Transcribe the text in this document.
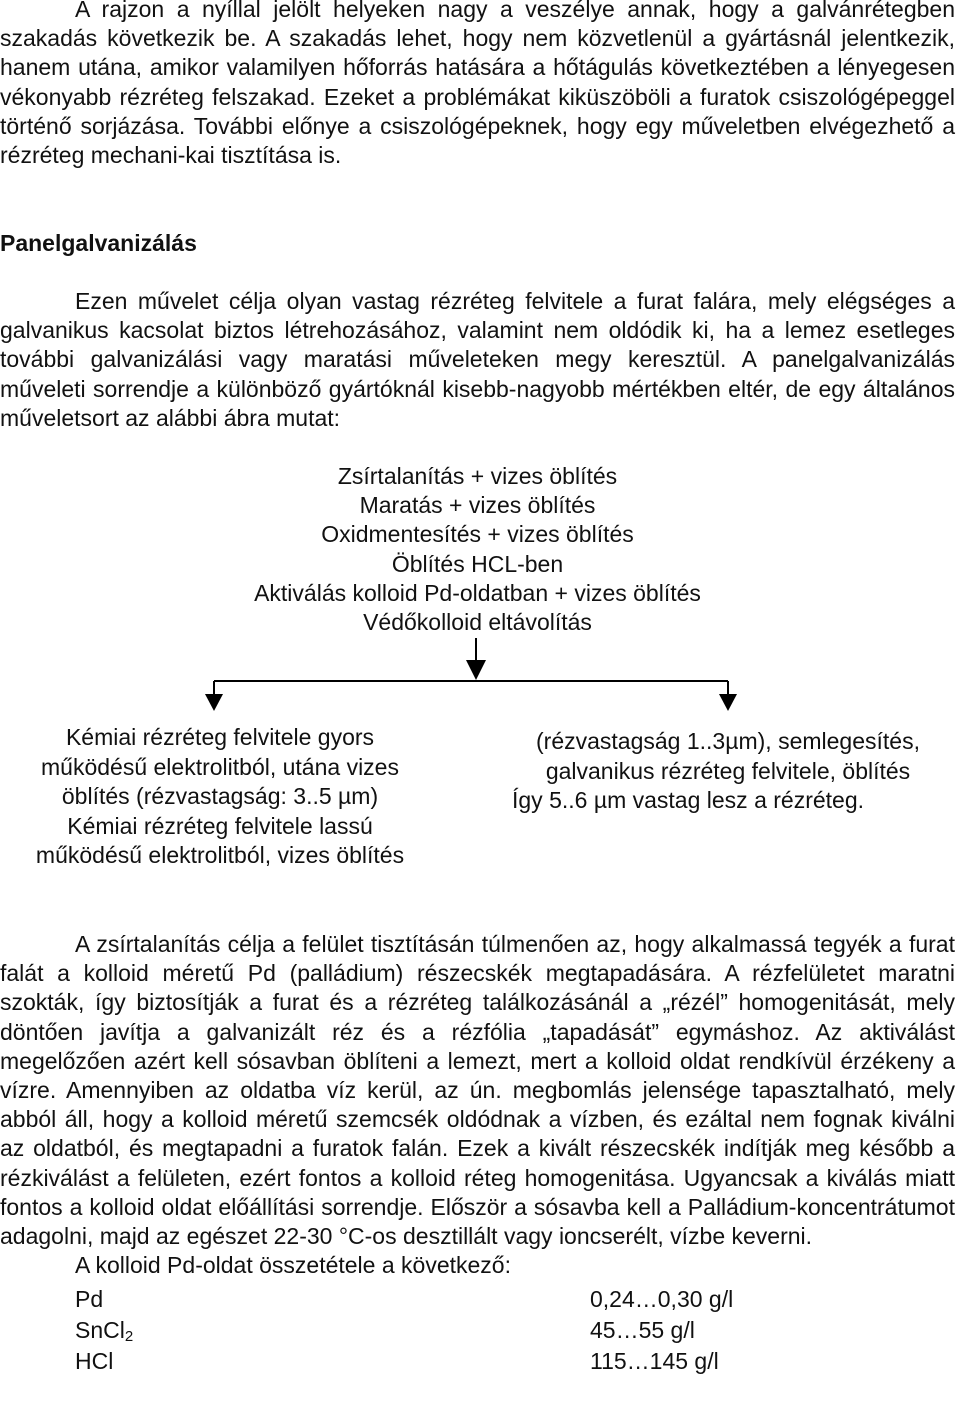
A rajzon a nyíllal jelölt helyeken nagy a veszélye annak, hogy a galvánrétegben szakadás következik be. A szakadás lehet, hogy nem közvetlenül a gyártásnál jelentkezik, hanem utána, amikor valamilyen hőforrás hatására a hőtágulás következtében a lényegesen vékonyabb rézréteg felszakad. Ezeket a problémákat kiküszöböli a furatok csiszológépeggel történő sorjázása. További előnye a csiszológépeknek, hogy egy műveletben elvégezhető a rézréteg mechani-kai tisztítása is.

Panelgalvanizálás

Ezen művelet célja olyan vastag rézréteg felvitele a furat falára, mely elégséges a galvanikus kacsolat biztos létrehozásához, valamint nem oldódik ki, ha a lemez esetleges további galvanizálási vagy maratási műveleteken megy keresztül. A panelgalvanizálás műveleti sorrendje a különböző gyártóknál kisebb-nagyobb mértékben eltér, de egy általános műveletsort az alábbi ábra mutat:

Zsírtalanítás + vizes öblítés
Maratás + vizes öblítés
Oxidmentesítés + vizes öblítés
Öblítés HCL-ben
Aktiválás kolloid Pd-oldatban + vizes öblítés
Védőkolloid eltávolítás
Kémiai rézréteg felvitele gyors
működésű elektrolitból, utána vizes
öblítés (rézvastagság: 3..5 µm)
Kémiai rézréteg felvitele lassú
működésű elektrolitból, vizes öblítés
(rézvastagság 1..3µm), semlegesítés,
galvanikus rézréteg felvitele, öblítés
Így 5..6 µm vastag lesz a rézréteg.

A zsírtalanítás célja a felület tisztításán túlmenően az, hogy alkalmassá tegyék a furat falát a kolloid méretű Pd (palládium) részecskék megtapadására. A rézfelületet maratni szokták, így biztosítják a furat és a rézréteg találkozásánál a „rézél” homogenitását, mely döntően javítja a galvanizált réz és a rézfólia „tapadását” egymáshoz. Az aktiválást megelőzően azért kell sósavban öblíteni a lemezt, mert a kolloid oldat rendkívül érzékeny a vízre. Amennyiben az oldatba víz kerül, az ún. megbomlás jelensége tapasztalható, mely abból áll, hogy a kolloid méretű szemcsék oldódnak a vízben, és ezáltal nem fognak kiválni az oldatból, és megtapadni a furatok falán. Ezek a kivált részecskék indítják meg később a rézkiválást a felületen, ezért fontos a kolloid réteg homogenitása. Ugyancsak a kiválás miatt fontos a kolloid oldat előállítási sorrendje. Először a sósavba kell a Palládium-koncentrátumot adagolni, majd az egészet 22-30 °C-os desztillált vagy ioncserélt, vízbe keverni.

A kolloid Pd-oldat összetétele a következő:

Pd	0,24…0,30 g/l
SnCl$_2$	45…55 g/l
HCl	115…145 g/l
